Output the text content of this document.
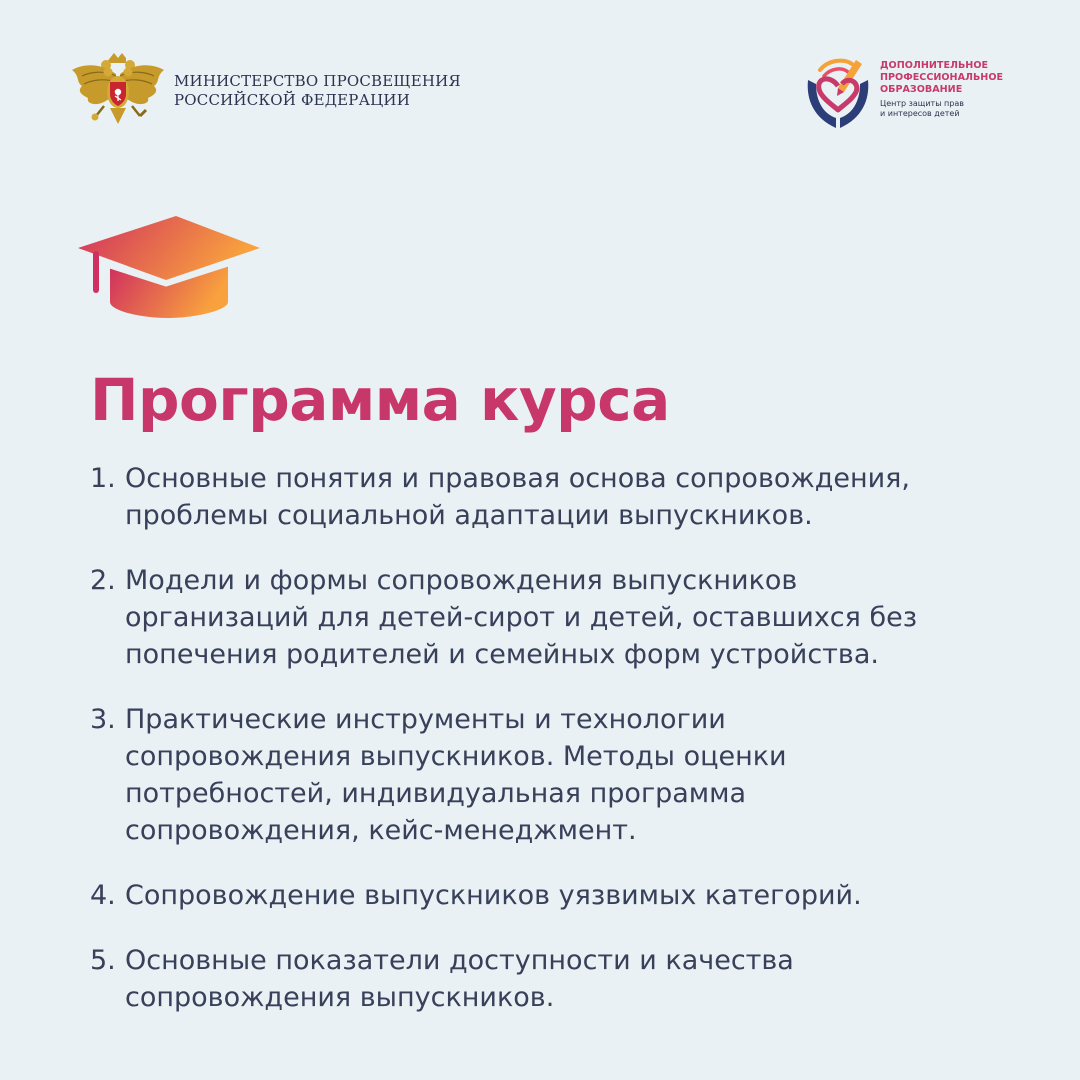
МИНИСТЕРСТВО ПРОСВЕЩЕНИЯ
РОССИЙСКОЙ ФЕДЕРАЦИИ
ДОПОЛНИТЕЛЬНОЕ
ПРОФЕССИОНАЛЬНОЕ
ОБРАЗОВАНИЕ
Центр защиты прав
и интересов детей
Программа курса
1. Основные понятия и правовая основа сопровождения,
проблемы социальной адаптации выпускников.
2. Модели и формы сопровождения выпускников
организаций для детей-сирот и детей, оставшихся без
попечения родителей и семейных форм устройства.
3. Практические инструменты и технологии
сопровождения выпускников. Методы оценки
потребностей, индивидуальная программа
сопровождения, кейс-менеджмент.
4. Сопровождение выпускников уязвимых категорий.
5. Основные показатели доступности и качества
сопровождения выпускников.
